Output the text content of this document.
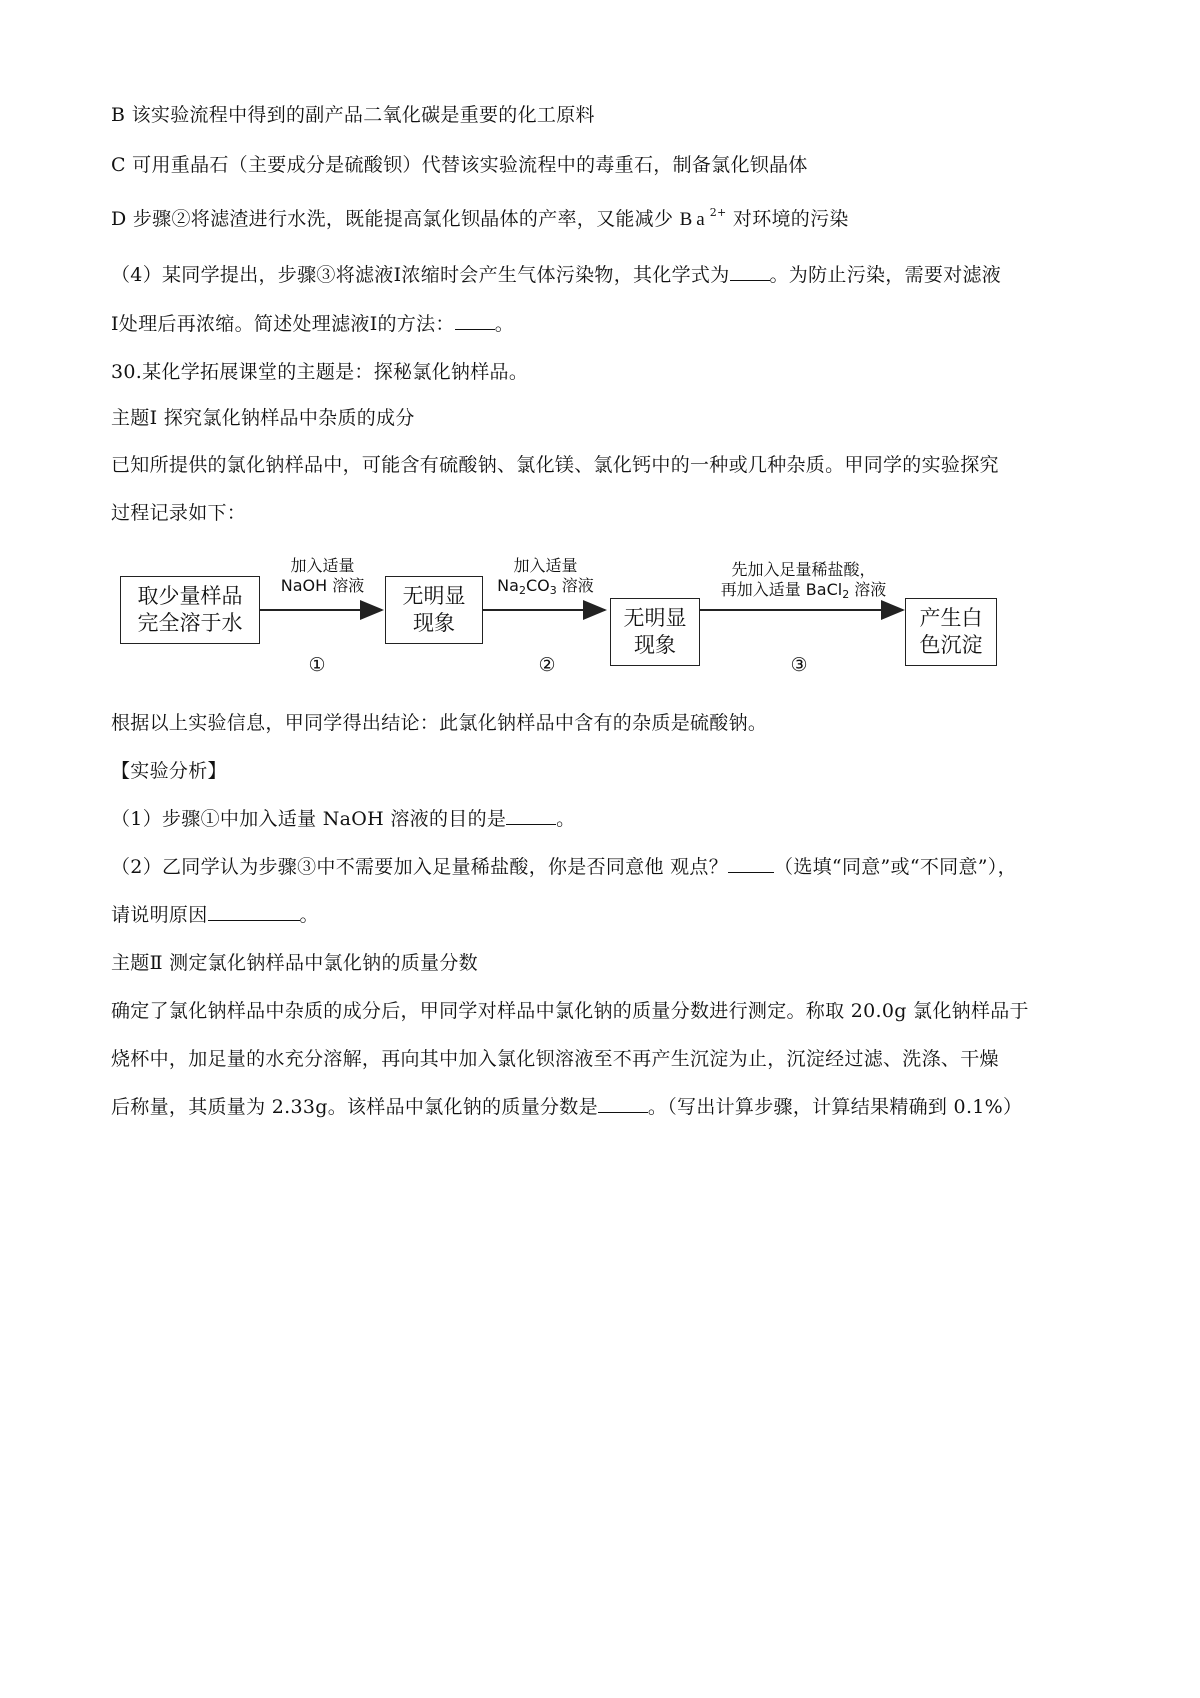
B 该实验流程中得到的副产品二氧化碳是重要的化工原料
C 可用重晶石（主要成分是硫酸钡）代替该实验流程中的毒重石，制备氯化钡晶体
D 步骤②将滤渣进行水洗，既能提高氯化钡晶体的产率，又能减少 $Ba^{2+}$ 对环境的污染
（4）某同学提出，步骤③将滤液Ⅰ浓缩时会产生气体污染物，其化学式为 。为防止污染，需要对滤液
Ⅰ处理后再浓缩。简述处理滤液Ⅰ的方法： 。
30.某化学拓展课堂的主题是：探秘氯化钠样品。
主题Ⅰ 探究氯化钠样品中杂质的成分
已知所提供的氯化钠样品中，可能含有硫酸钠、氯化镁、氯化钙中的一种或几种杂质。甲同学的实验探究
过程记录如下：
取少量样品
完全溶于水
加入适量
NaOH 溶液	无明显
现象
加入适量
$Na_2CO_3$ 溶液
无明显
现象
先加入足量稀盐酸，
再加入适量 BaCl$_2$ 溶液
产生白
色沉淀
①	②	③
根据以上实验信息，甲同学得出结论：此氯化钠样品中含有的杂质是硫酸钠。
【实验分析】
（1）步骤①中加入适量 NaOH 溶液的目的是	。
（2）乙同学认为步骤③中不需要加入足量稀盐酸，你是否同意他 观点？ （选填“同意”或“不同意”），
请说明原因	。
主题Ⅱ 测定氯化钠样品中氯化钠的质量分数
确定了氯化钠样品中杂质的成分后，甲同学对样品中氯化钠的质量分数进行测定。称取 20.0g 氯化钠样品于
烧杯中，加足量的水充分溶解，再向其中加入氯化钡溶液至不再产生沉淀为止，沉淀经过滤、洗涤、干燥
后称量，其质量为 2.33g。该样品中氯化钠的质量分数是	。（写出计算步骤，计算结果精确到 0.1%）
